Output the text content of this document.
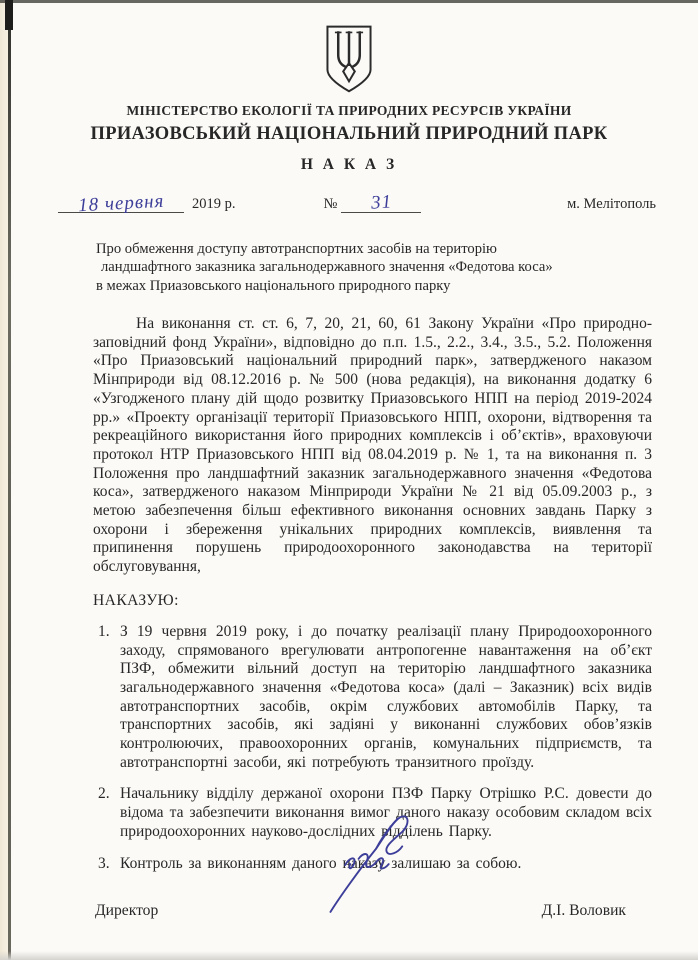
МІНІСТЕРСТВО ЕКОЛОГІЇ ТА ПРИРОДНИХ РЕСУРСІВ УКРАЇНИ
ПРИАЗОВСЬКИЙ НАЦІОНАЛЬНИЙ ПРИРОДНИЙ ПАРК
Н А К А З
18 червня	2019 р.	№	31	м. Мелітополь
Про обмеження доступу автотранспортних засобів на територію
ландшафтного заказника загальнодержавного значення «Федотова коса»
в межах Приазовського національного природного парку

На виконання ст. ст. 6, 7, 20, 21, 60, 61 Закону України «Про природно-заповідний фонд України», відповідно до п.п. 1.5., 2.2., 3.4., 3.5., 5.2. Положення «Про Приазовський національний природний парк», затвердженого наказом Мінприроди від 08.12.2016 р. № 500 (нова редакція), на виконання додатку 6 «Узгодженого плану дій щодо розвитку Приазовського НПП на період 2019-2024 рр.» «Проекту організації території Приазовського НПП, охорони, відтворення та рекреаційного використання його природних комплексів і об’єктів», враховуючи протокол НТР Приазовського НПП від 08.04.2019 р. № 1, та на виконання п. 3 Положення про ландшафтний заказник загальнодержавного значення «Федотова коса», затвердженого наказом Мінприроди України № 21 від 05.09.2003 р., з метою забезпечення більш ефективного виконання основних завдань Парку з охорони і збереження унікальних природних комплексів, виявлення та припинення порушень природоохоронного законодавства на території обслуговування,

НАКАЗУЮ:
1. З 19 червня 2019 року, і до початку реалізації плану Природоохоронного заходу, спрямованого врегулювати антропогенне навантаження на об’єкт ПЗФ, обмежити вільний доступ на територію ландшафтного заказника загальнодержавного значення «Федотова коса» (далі – Заказник) всіх видів автотранспортних засобів, окрім службових автомобілів Парку, та транспортних засобів, які задіяні у виконанні службових обов’язків контролюючих, правоохоронних органів, комунальних підприємств, та автотранспортні засоби, які потребують транзитного проїзду.
2. Начальнику відділу держаної охорони ПЗФ Парку Отрішко Р.С. довести до відома та забезпечити виконання вимог даного наказу особовим складом всіх природоохоронних науково-дослідних відділень Парку.
3. Контроль за виконанням даного наказу залишаю за собою.
Директор	Д.І. Воловик
